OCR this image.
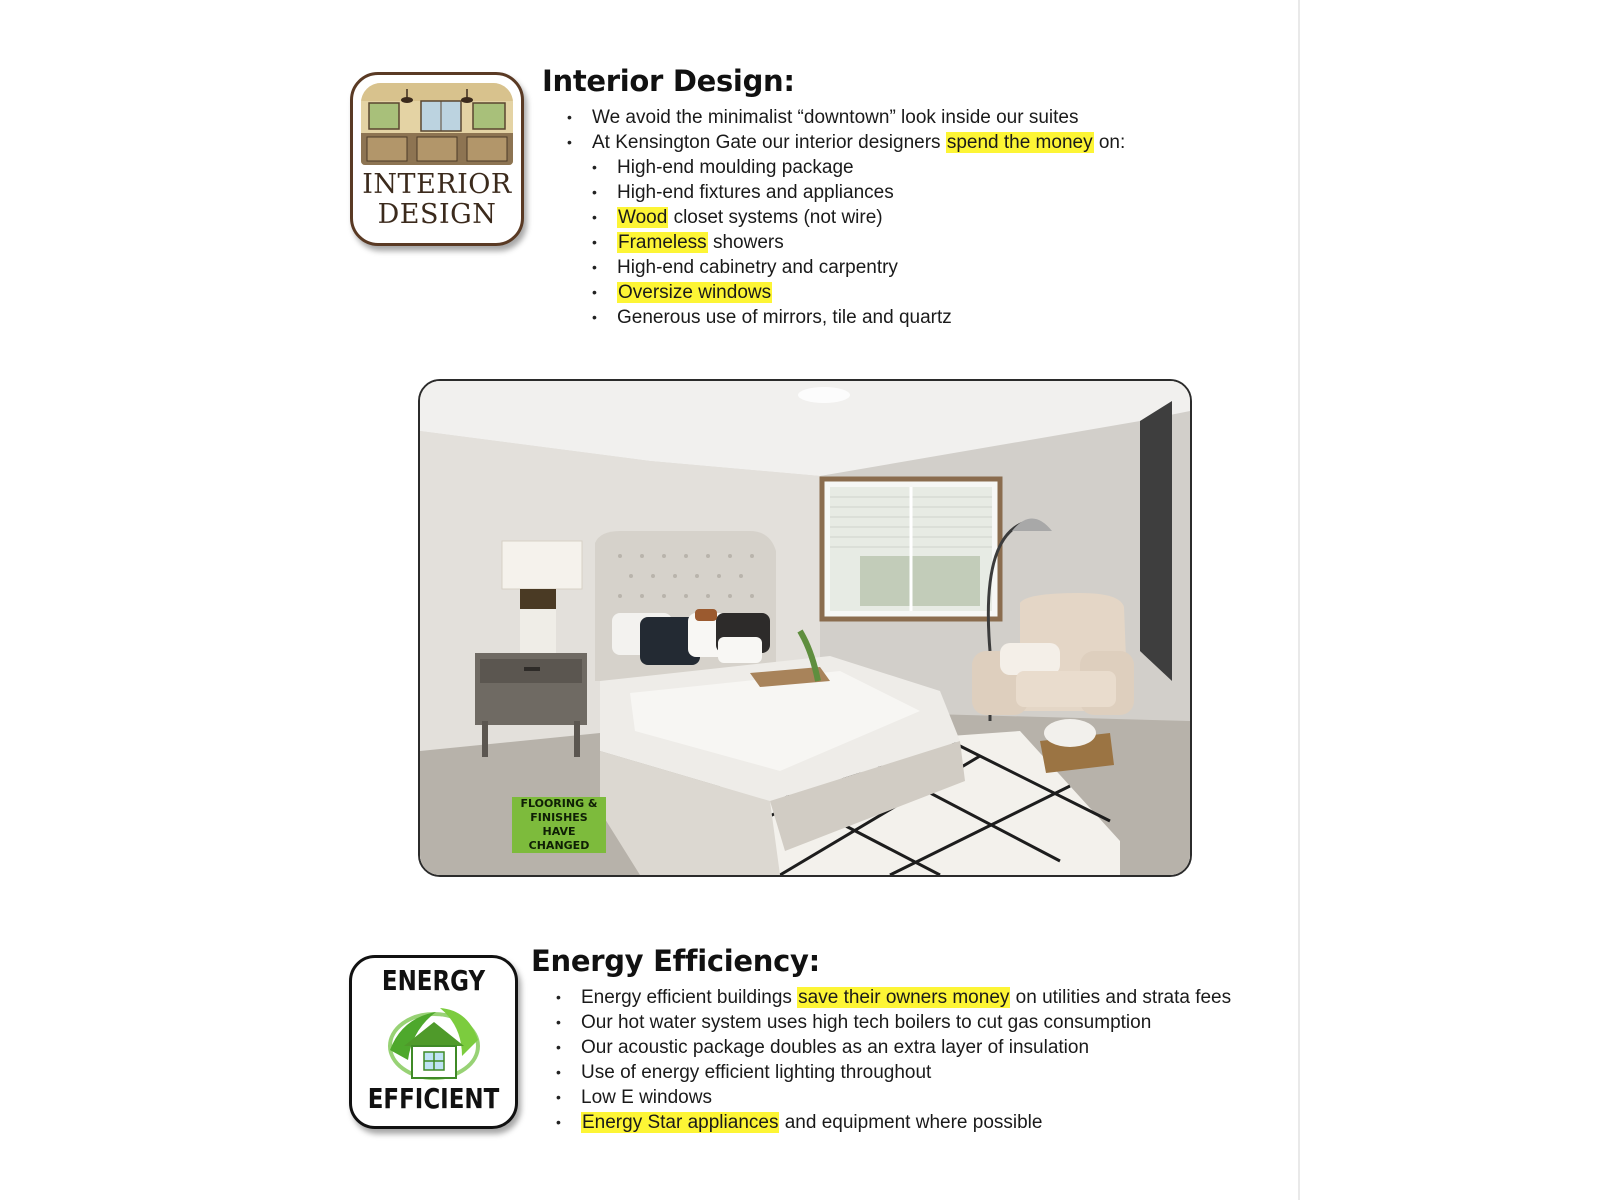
INTERIOR
DESIGN
Interior Design:
• We avoid the minimalist “downtown” look inside our suites
• At Kensington Gate our interior designers spend the money on:
• High-end moulding package
• High-end fixtures and appliances
• Wood closet systems (not wire)
• Frameless showers
• High-end cabinetry and carpentry
• Oversize windows
• Generous use of mirrors, tile and quartz
FLOORING &
FINISHES
HAVE CHANGED
ENERGY
EFFICIENT
Energy Efficiency:
• Energy efficient buildings save their owners money on utilities and strata fees
• Our hot water system uses high tech boilers to cut gas consumption
• Our acoustic package doubles as an extra layer of insulation
• Use of energy efficient lighting throughout
• Low E windows
• Energy Star appliances and equipment where possible
